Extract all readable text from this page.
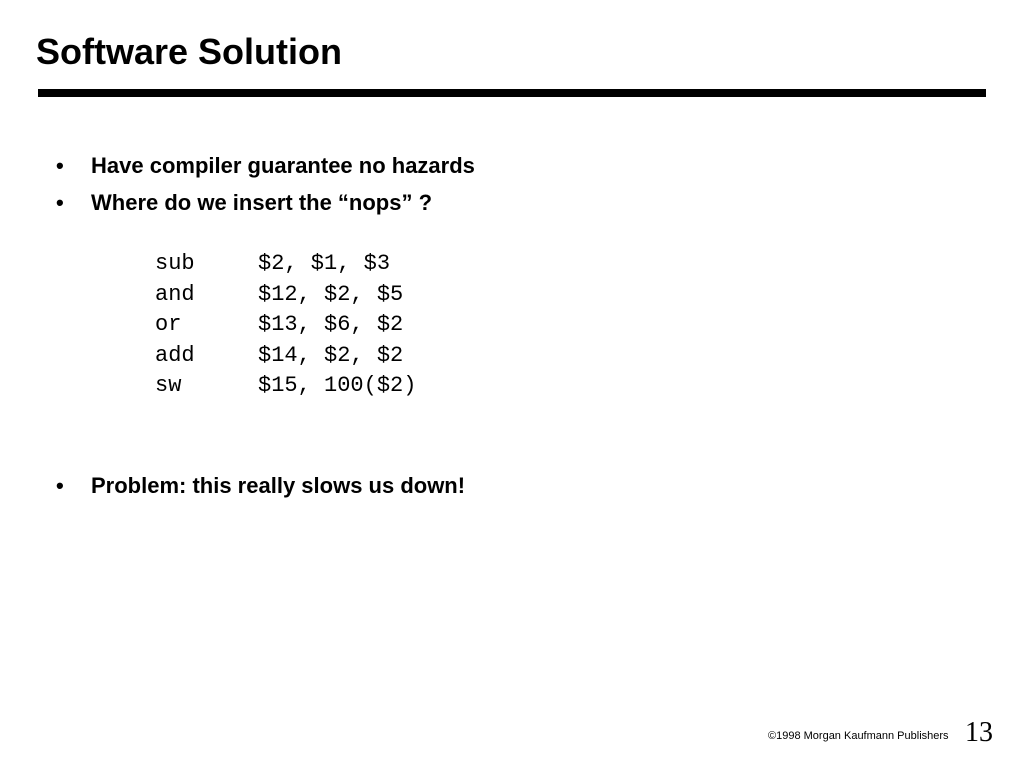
Software Solution
• Have compiler guarantee no hazards
• Where do we insert the “nops” ?

sub

	$2, $1, $3

and

	$12, $2, $5

or

	$13, $6, $2

add

	$14, $2, $2

sw

	$15, 100($2)

• Problem: this really slows us down!
©1998 Morgan Kaufmann Publishers 13
